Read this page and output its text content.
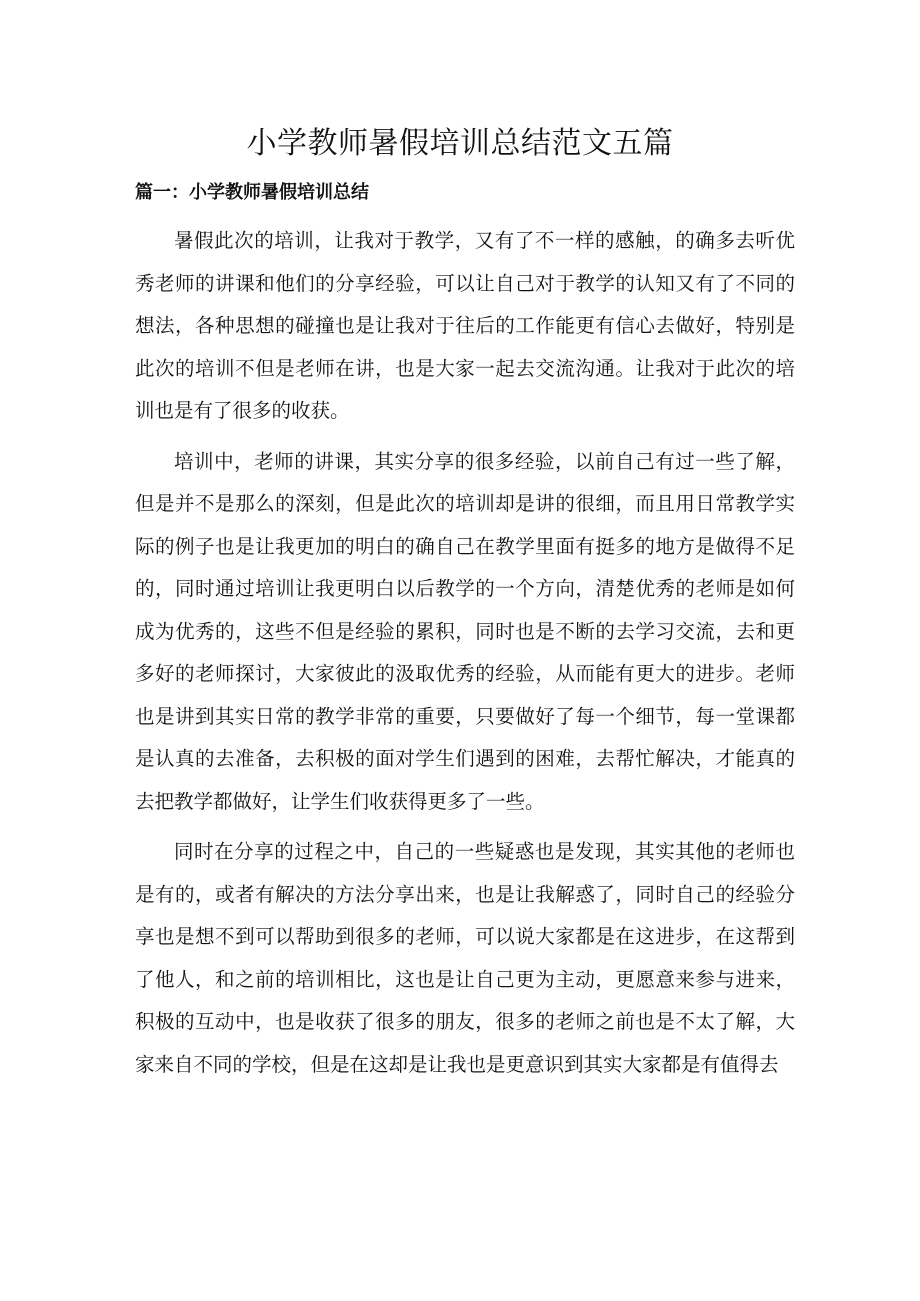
小学教师暑假培训总结范文五篇
篇一：小学教师暑假培训总结

暑假此次的培训，让我对于教学，又有了不一样的感触，的确多去听优秀老师的讲课和他们的分享经验，可以让自己对于教学的认知又有了不同的想法，各种思想的碰撞也是让我对于往后的工作能更有信心去做好，特别是此次的培训不但是老师在讲，也是大家一起去交流沟通。让我对于此次的培训也是有了很多的收获。

培训中，老师的讲课，其实分享的很多经验，以前自己有过一些了解，但是并不是那么的深刻，但是此次的培训却是讲的很细，而且用日常教学实际的例子也是让我更加的明白的确自己在教学里面有挺多的地方是做得不足的，同时通过培训让我更明白以后教学的一个方向，清楚优秀的老师是如何成为优秀的，这些不但是经验的累积，同时也是不断的去学习交流，去和更多好的老师探讨，大家彼此的汲取优秀的经验，从而能有更大的进步。老师也是讲到其实日常的教学非常的重要，只要做好了每一个细节，每一堂课都是认真的去准备，去积极的面对学生们遇到的困难，去帮忙解决，才能真的去把教学都做好，让学生们收获得更多了一些。

同时在分享的过程之中，自己的一些疑惑也是发现，其实其他的老师也是有的，或者有解决的方法分享出来，也是让我解惑了，同时自己的经验分享也是想不到可以帮助到很多的老师，可以说大家都是在这进步，在这帮到了他人，和之前的培训相比，这也是让自己更为主动，更愿意来参与进来，积极的互动中，也是收获了很多的朋友，很多的老师之前也是不太了解，大家来自不同的学校，但是在这却是让我也是更意识到其实大家都是有值得去
